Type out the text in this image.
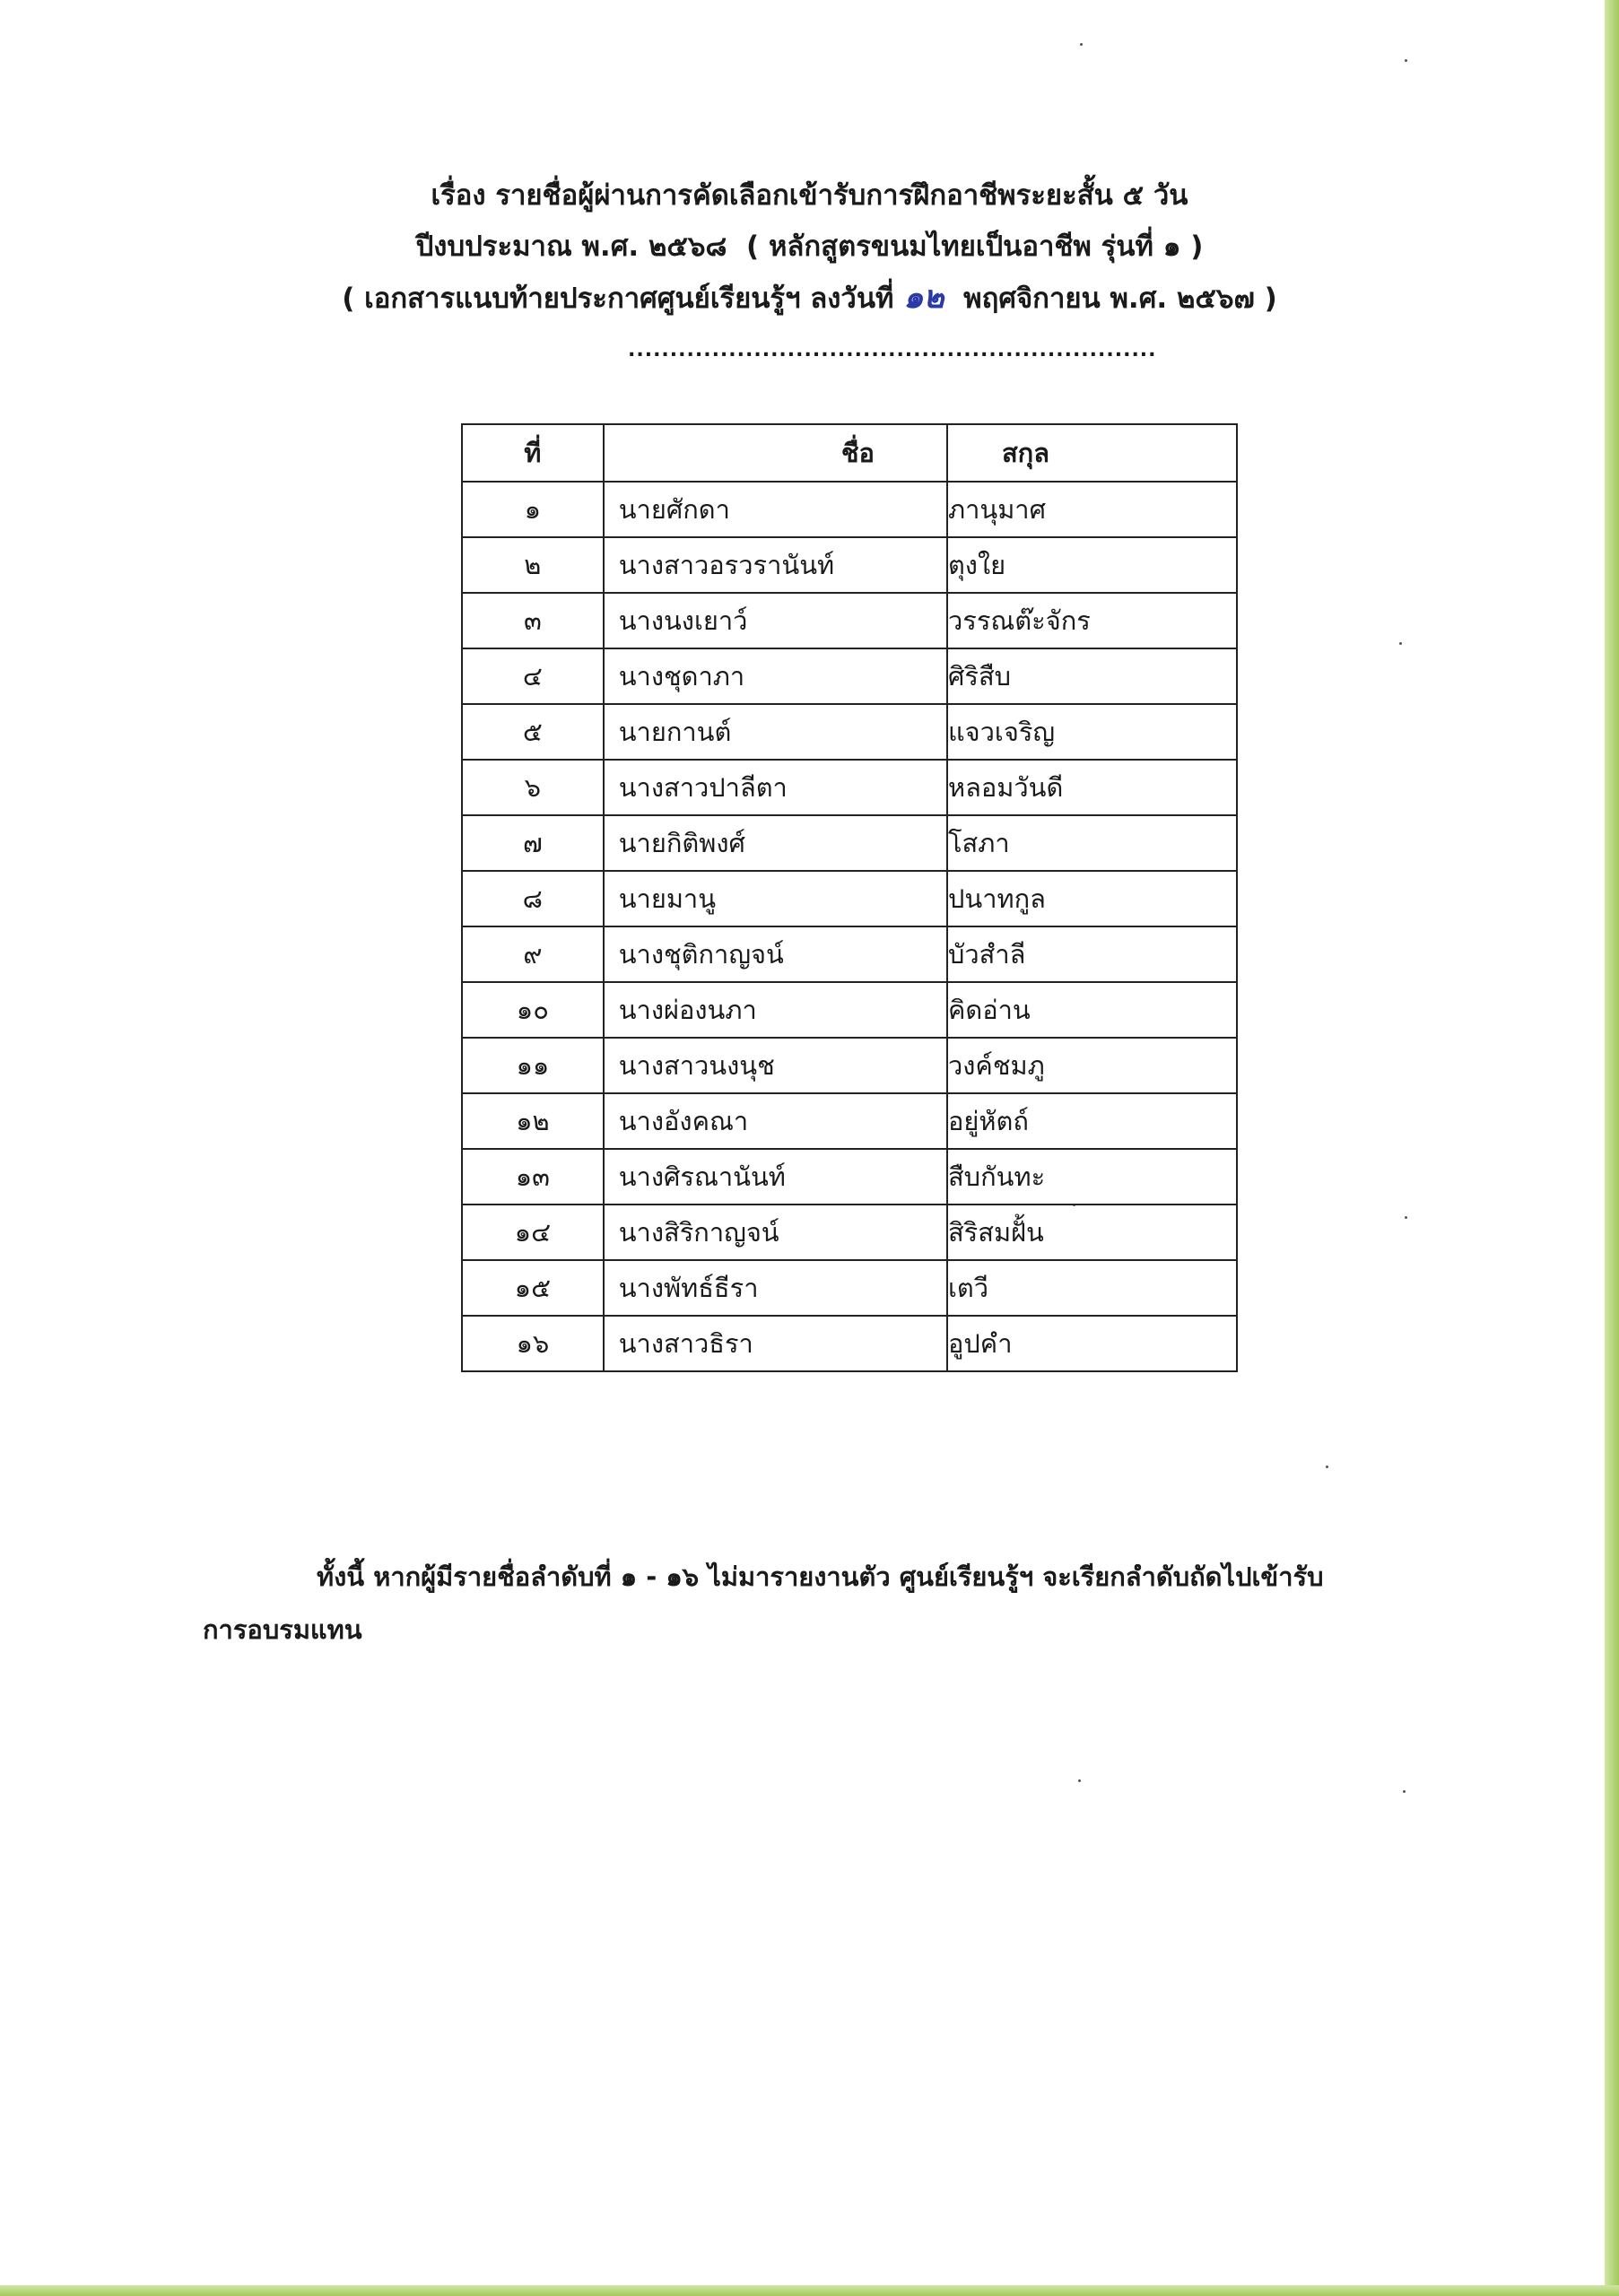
เรื่อง รายชื่อผู้ผ่านการคัดเลือกเข้ารับการฝึกอาชีพระยะสั้น ๕ วัน
ปีงบประมาณ พ.ศ. ๒๕๖๘  ( หลักสูตรขนมไทยเป็นอาชีพ รุ่นที่ ๑ )
( เอกสารแนบท้ายประกาศศูนย์เรียนรู้ฯ ลงวันที่ ๑๒  พฤศจิกายน พ.ศ. ๒๕๖๗ )
...............................................................
ที่	ชื่อ	สกุล
๑	นายศักดา	ภานุมาศ
๒	นางสาวอรวรานันท์	ตุงใย
๓	นางนงเยาว์	วรรณต๊ะจักร
๔	นางชุดาภา	ศิริสืบ
๕	นายกานต์	แจวเจริญ
๖	นางสาวปาลีตา	หลอมวันดี
๗	นายกิติพงศ์	โสภา
๘	นายมานู	ปนาทกูล
๙	นางชุติกาญจน์	บัวสำลี
๑๐	นางผ่องนภา	คิดอ่าน
๑๑	นางสาวนงนุช	วงค์ชมภู
๑๒	นางอังคณา	อยู่หัตถ์
๑๓	นางศิรณานันท์	สืบกันทะ
๑๔	นางสิริกาญจน์	สิริสมฝั้น
๑๕	นางพัทธ์ธีรา	เตวี
๑๖	นางสาวธิรา	อูปคำ
ทั้งนี้ หากผู้มีรายชื่อลำดับที่ ๑ - ๑๖ ไม่มารายงานตัว ศูนย์เรียนรู้ฯ จะเรียกลำดับถัดไปเข้ารับ
การอบรมแทน
